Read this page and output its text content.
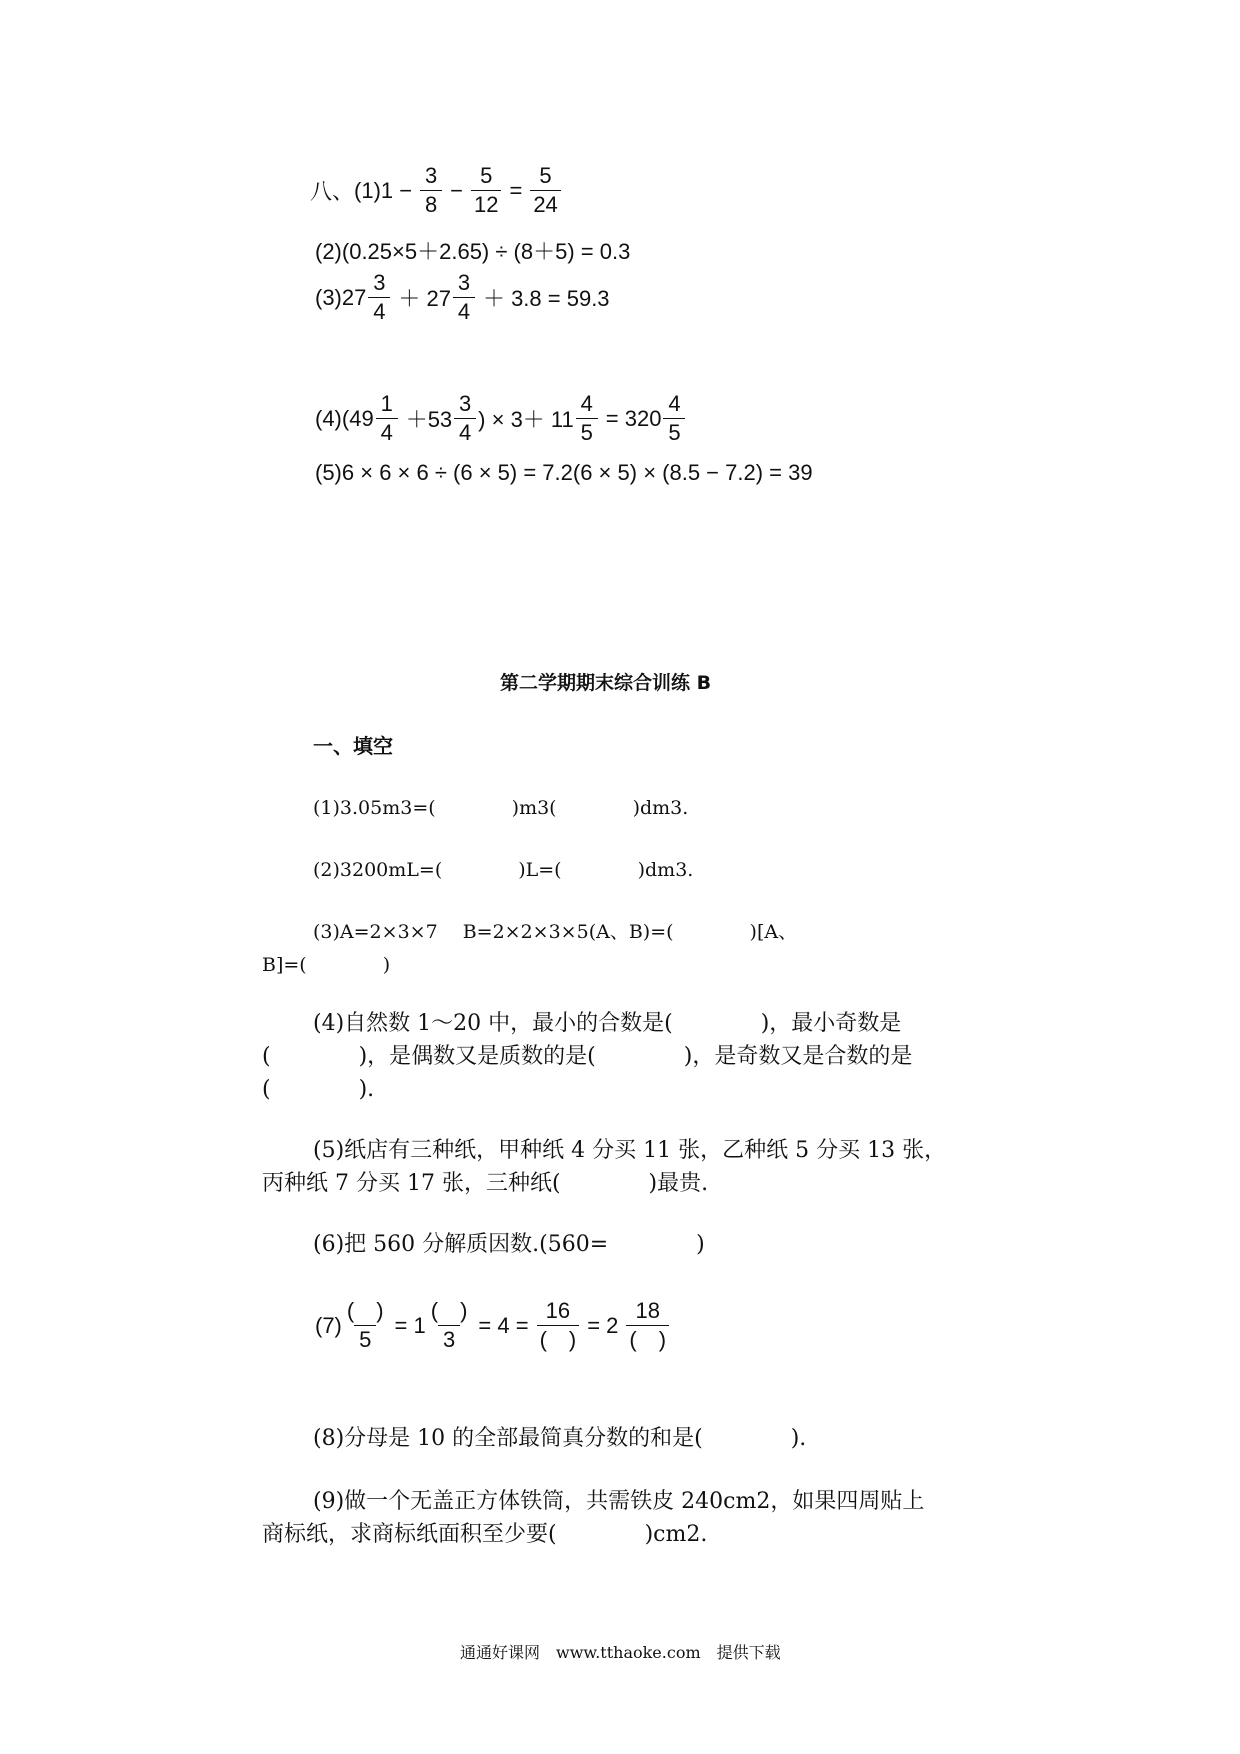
八、 $(1)1 - \frac{3}{8} - \frac{5}{12} = \frac{5}{24}$
(2)(0.25×5＋2.65) ÷ (8＋5) = 0.3
$(3)27 \frac{3}{4} + 27 \frac{3}{4} + 3.8 = 59.3$
$(4)(49 \frac{1}{4} +53 \frac{3}{4}$ ) × $3+ 11 \frac{4}{5} = 320 \frac{4}{5}$
(5)6 × 6 × 6 ÷ (6 × 5) = 7.2(6 × 5) × (8.5 − 7.2) = 39
第二学期期末综合训练 B
一、填空
(1)3.05m3=(　　　　)m3(　　　　)dm3.
(2)3200mL=(　　　　)L=(　　　　)dm3.
(3)A=2×3×7　 B=2×2×3×5(A、B)=(　　　　)[A、
B]=(　　　　)
(4)自然数 1～20 中，最小的合数是(　　　　)，最小奇数是
(　　　　)，是偶数又是质数的是(　　　　)，是奇数又是合数的是
(　　　　).
(5)纸店有三种纸，甲种纸 4 分买 11 张，乙种纸 5 分买 13 张，
丙种纸 7 分买 17 张，三种纸(　　　　)最贵.
(6)把 560 分解质因数.(560=　　　　)
$(7) \frac{( )}{5} = 1 \frac{( )}{3} = 4 = \frac{16}{( )} = 2 \frac{18}{( )}$
(8)分母是 10 的全部最简真分数的和是(　　　　).
(9)做一个无盖正方体铁筒，共需铁皮 240cm2，如果四周贴上
商标纸，求商标纸面积至少要(　　　　)cm2.
通通好课网　www.tthaoke.com　提供下载
